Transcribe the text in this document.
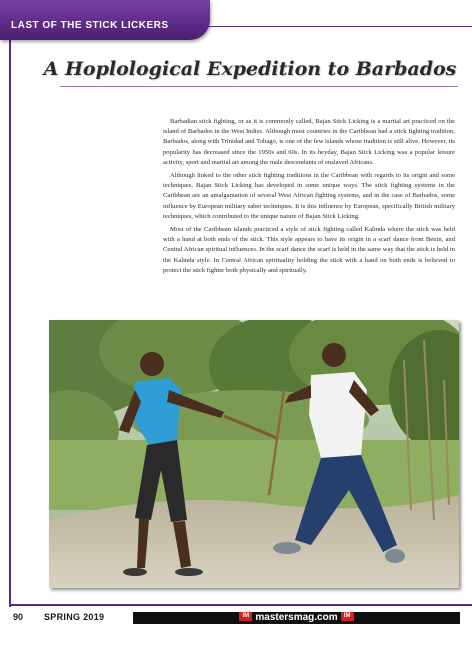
LAST OF THE STICK LICKERS
A Hoplological Expedition to Barbados

Barbadian stick fighting, or as it is commonly called, Bajan Stick Licking is a martial art practiced on the island of Barbados in the West Indies. Although most countries in the Caribbean had a stick fighting tradition, Barbados, along with Trinidad and Tobago, is one of the few islands whose tradition is still alive. However, its popularity has decreased since the 1950s and 60s. In its heyday, Bajan Stick Licking was a popular leisure activity, sport and martial art among the male descendants of enslaved Africans.

Although linked to the other stick fighting traditions in the Caribbean with regards to its origin and some techniques, Bajan Stick Licking has developed in some unique ways. The stick fighting systems in the Caribbean are an amalgamation of several West African fighting systems, and in the case of Barbados, some influence by European military saber techniques. It is this influence by European, specifically British military techniques, which contributed to the unique nature of Bajan Stick Licking.

Most of the Caribbean islands practiced a style of stick fighting called Kalinda where the stick was held with a hand at both ends of the stick. This style appears to have its origin in a scarf dance from Benin, and Central African spiritual influences. In the scarf dance the scarf is held in the same way that the stick is held in the Kalinda style. In Central African spirituality holding the stick with a hand on both ends is believed to protect the stick fighter both physically and spiritually.

90 SPRING 2019	IM mastersmag.com IM
